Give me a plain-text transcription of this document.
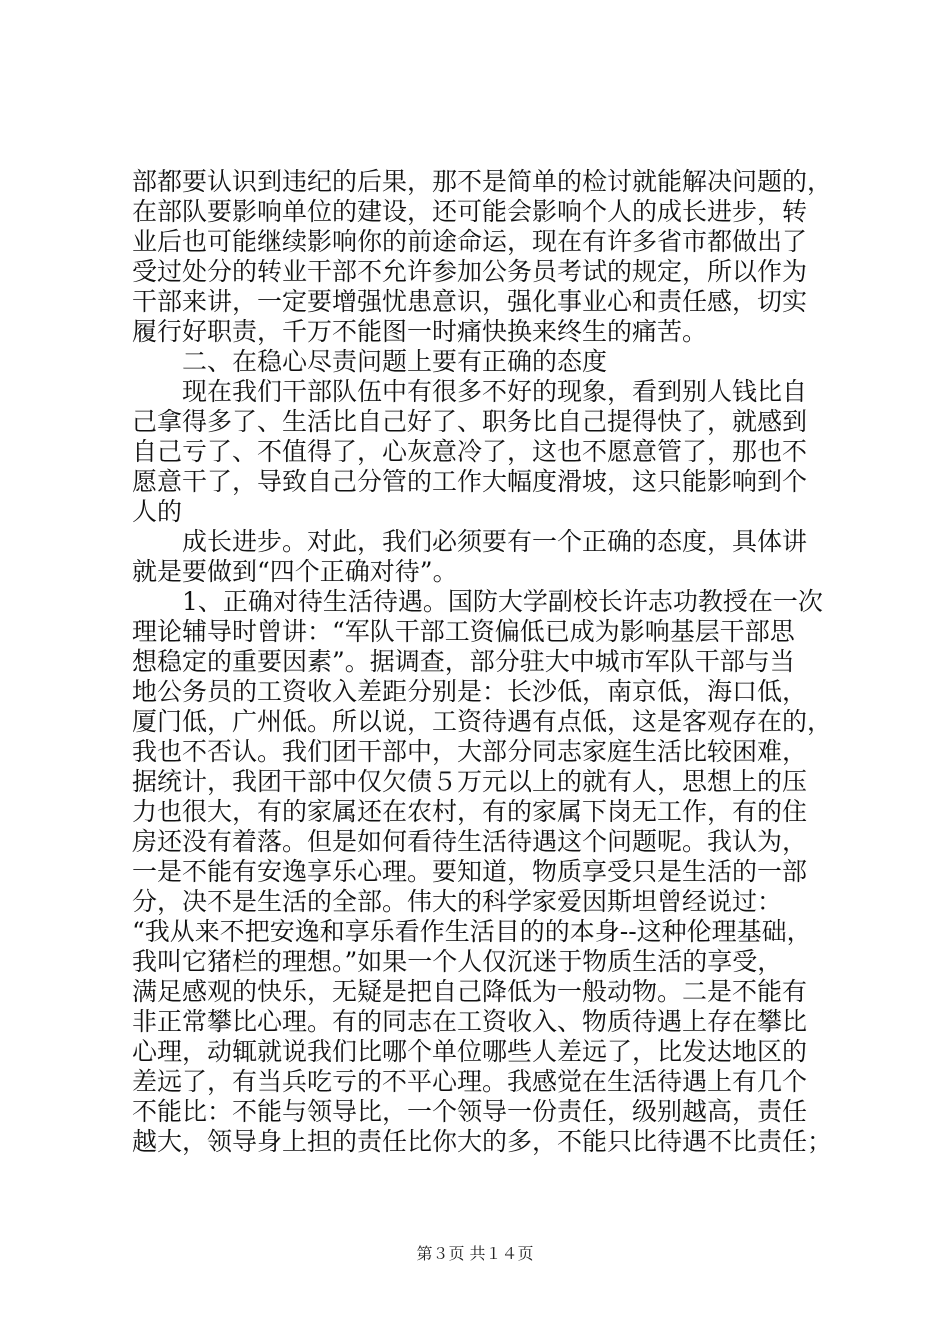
部都要认识到违纪的后果，那不是简单的检讨就能解决问题的，
在部队要影响单位的建设，还可能会影响个人的成长进步，转
业后也可能继续影响你的前途命运，现在有许多省市都做出了
受过处分的转业干部不允许参加公务员考试的规定，所以作为
干部来讲，一定要增强忧患意识，强化事业心和责任感，切实
履行好职责，千万不能图一时痛快换来终生的痛苦。
　　二、在稳心尽责问题上要有正确的态度
　　现在我们干部队伍中有很多不好的现象，看到别人钱比自
己拿得多了、生活比自己好了、职务比自己提得快了，就感到
自己亏了、不值得了，心灰意冷了，这也不愿意管了，那也不
愿意干了，导致自己分管的工作大幅度滑坡，这只能影响到个
人的
　　成长进步。对此，我们必须要有一个正确的态度，具体讲
就是要做到“四个正确对待”。
　　1、正确对待生活待遇。国防大学副校长许志功教授在一次
理论辅导时曾讲：“军队干部工资偏低已成为影响基层干部思
想稳定的重要因素”。据调查，部分驻大中城市军队干部与当
地公务员的工资收入差距分别是：长沙低，南京低，海口低，
厦门低，广州低。所以说，工资待遇有点低，这是客观存在的，
我也不否认。我们团干部中，大部分同志家庭生活比较困难，
据统计，我团干部中仅欠债５万元以上的就有人，思想上的压
力也很大，有的家属还在农村，有的家属下岗无工作，有的住
房还没有着落。但是如何看待生活待遇这个问题呢。我认为，
一是不能有安逸享乐心理。要知道，物质享受只是生活的一部
分，决不是生活的全部。伟大的科学家爱因斯坦曾经说过：
“我从来不把安逸和享乐看作生活目的的本身--这种伦理基础，
我叫它猪栏的理想。”如果一个人仅沉迷于物质生活的享受，
满足感观的快乐，无疑是把自己降低为一般动物。二是不能有
非正常攀比心理。有的同志在工资收入、物质待遇上存在攀比
心理，动辄就说我们比哪个单位哪些人差远了，比发达地区的
差远了，有当兵吃亏的不平心理。我感觉在生活待遇上有几个
不能比：不能与领导比，一个领导一份责任，级别越高，责任
越大，领导身上担的责任比你大的多，不能只比待遇不比责任；
第３页 共１４页
